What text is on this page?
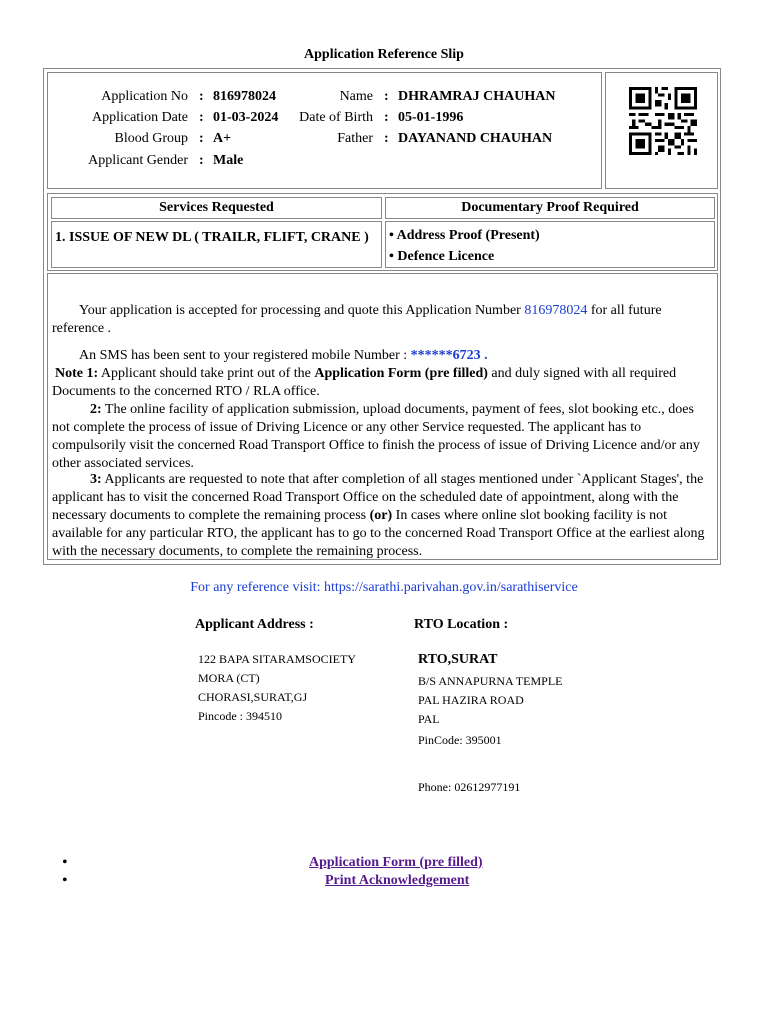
Application Reference Slip
Application No : 816978024
Application Date : 01-03-2024
Blood Group : A+
Applicant Gender : Male
Name : DHRAMRAJ CHAUHAN
Date of Birth : 05-01-1996
Father : DAYANAND CHAUHAN
Services Requested	Documentary Proof Required
1. ISSUE OF NEW DL ( TRAILR, FLIFT, CRANE )	• Address Proof (Present)
• Defence Licence
Your application is accepted for processing and quote this Application Number 816978024 for all future reference .
An SMS has been sent to your registered mobile Number : ******6723 .
Note 1: Applicant should take print out of the Application Form (pre filled) and duly signed with all required Documents to the concerned RTO / RLA office.
2: The online facility of application submission, upload documents, payment of fees, slot booking etc., does not complete the process of issue of Driving Licence or any other Service requested. The applicant has to compulsorily visit the concerned Road Transport Office to finish the process of issue of Driving Licence and/or any other associated services.
3: Applicants are requested to note that after completion of all stages mentioned under `Applicant Stages', the applicant has to visit the concerned Road Transport Office on the scheduled date of appointment, along with the necessary documents to complete the remaining process (or) In cases where online slot booking facility is not available for any particular RTO, the applicant has to go to the concerned Road Transport Office at the earliest along with the necessary documents, to complete the remaining process.
For any reference visit: https://sarathi.parivahan.gov.in/sarathiservice
Applicant Address :	RTO Location :
122 BAPA SITARAMSOCIETY
MORA (CT)
CHORASI,SURAT,GJ
Pincode : 394510
RTO,SURAT
B/S ANNAPURNA TEMPLE
PAL HAZIRA ROAD
PAL
PinCode: 395001
Phone: 02612977191
•
•
Application Form (pre filled)
Print Acknowledgement
